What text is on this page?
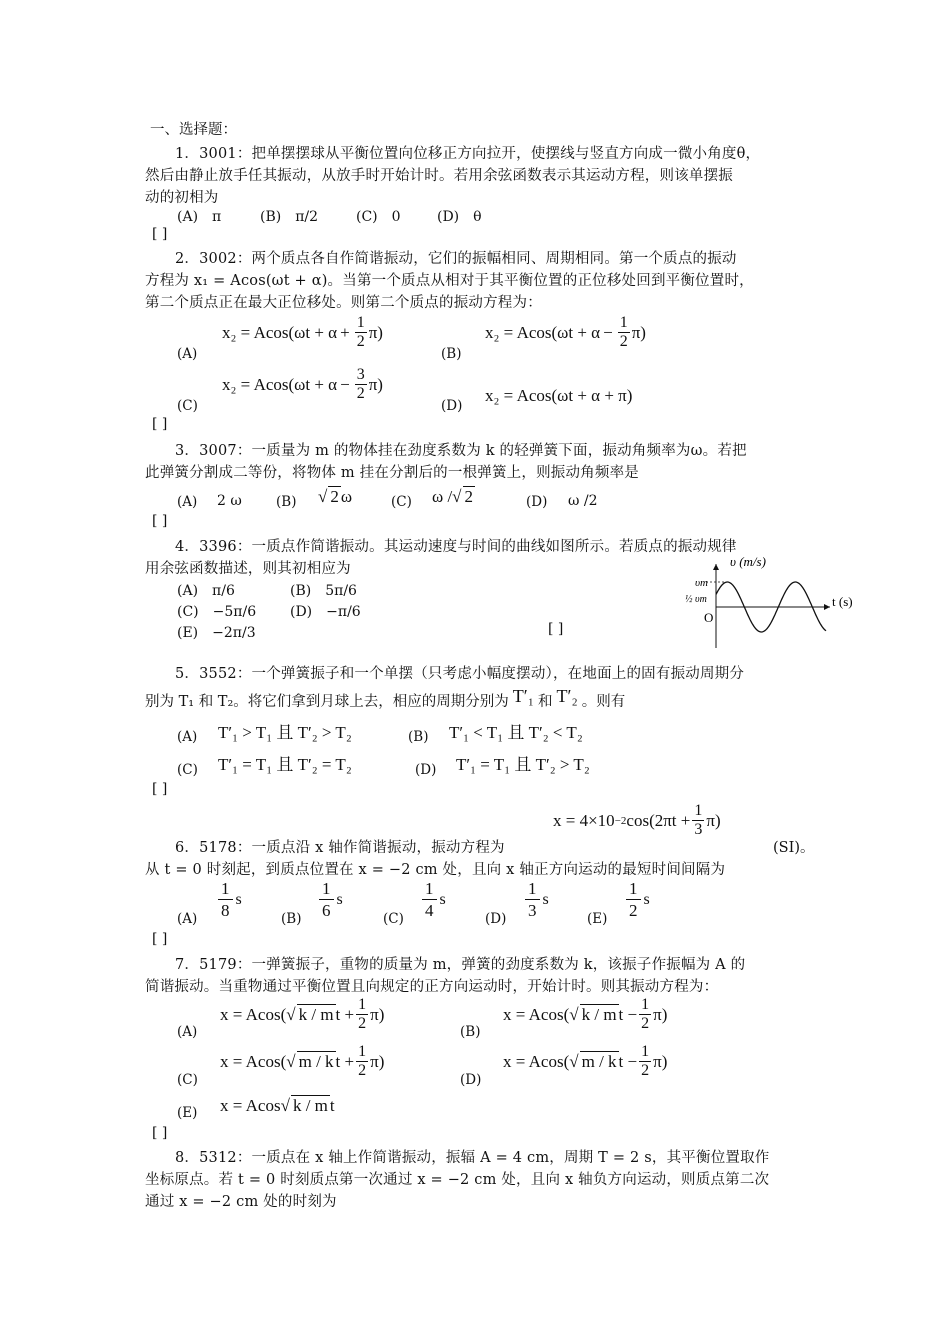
一、选择题：
1．3001：把单摆摆球从平衡位置向位移正方向拉开，使摆线与竖直方向成一微小角度θ，
然后由静止放手任其振动，从放手时开始计时。若用余弦函数表示其运动方程，则该单摆振
动的初相为
(A)　π	(B)　π/2	(C)　0	(D)　θ
[ ]
2．3002：两个质点各自作简谐振动，它们的振幅相同、周期相同。第一个质点的振动
方程为 x₁ = Acos(ωt + α)。当第一个质点从相对于其平衡位置的正位移处回到平衡位置时，
第二个质点正在最大正位移处。则第二个质点的振动方程为：
(A)
$x_2 = Acos(\omega t + \alpha + \frac{1}{2} \pi)$
(B)
$x_2 = Acos(\omega t + \alpha - \frac{1}{2} \pi)$
(C)
$x_2 = Acos(\omega t + \alpha - \frac{3}{2} \pi)$
(D)
x₂ = Acos(ωt + α + π)
[ ]
3．3007：一质量为 m 的物体挂在劲度系数为 k 的轻弹簧下面，振动角频率为ω。若把
此弹簧分割成二等份，将物体 m 挂在分割后的一根弹簧上，则振动角频率是
(A) 2 ω	(B) √ 2 ω	(C) ω / √ 2	(D) ω /2
[ ]
4．3396：一质点作简谐振动。其运动速度与时间的曲线如图所示。若质点的振动规律
用余弦函数描述，则其初相应为
(A)　π/6	(B)　5π/6
(C)　−5π/6 (D)　−π/6
(E)　−2π/3	[ ]
υ (m/s)
t (s)
υm
½ υm
O
5．3552：一个弹簧振子和一个单摆（只考虑小幅度摆动），在地面上的固有振动周期分
别为 T₁ 和 T₂。将它们拿到月球上去，相应的周期分别为 T′₁ 和 T′₂ 。则有
(A) T′₁ > T₁ 且 T′₂ > T₂	(B) T′₁ < T₁ 且 T′₂ < T₂
(C) T′₁ = T₁ 且 T′₂ = T₂	(D) T′₁ = T₁ 且 T′₂ > T₂
[ ]
x = 4×10 −2 $\cos(2\pi t + \frac{1}{3} \pi)$
6．5178：一质点沿 x 轴作简谐振动，振动方程为	(SI)。
从 t = 0 时刻起，到质点位置在 x = −2 cm 处，且向 x 轴正方向运动的最短时间间隔为
$(A) \frac{1}{8}$ s
$(B) \frac{1}{6}$ s
$(C) \frac{1}{4}$ s
$(D) \frac{1}{3}$ s
$(E) \frac{1}{2}$ s
[ ]
7．5179：一弹簧振子，重物的质量为 m，弹簧的劲度系数为 k，该振子作振幅为 A 的
简谐振动。当重物通过平衡位置且向规定的正方向运动时，开始计时。则其振动方程为：
(A)
x = Acos( √ k / m $t + \frac{1}{2} \pi$)
(B)
x = Acos( √ k / m $t - \frac{1}{2} \pi$)
(C)
x = Acos( √ m / k $t + \frac{1}{2} \pi$)
(D)
x = Acos( √ m / k $t - \frac{1}{2} \pi$)
(E) x = Acos √ k / m t
[ ]
8．5312：一质点在 x 轴上作简谐振动，振辐 A = 4 cm，周期 T = 2 s，其平衡位置取作
坐标原点。若 t = 0 时刻质点第一次通过 x = −2 cm 处，且向 x 轴负方向运动，则质点第二次
通过 x = −2 cm 处的时刻为
